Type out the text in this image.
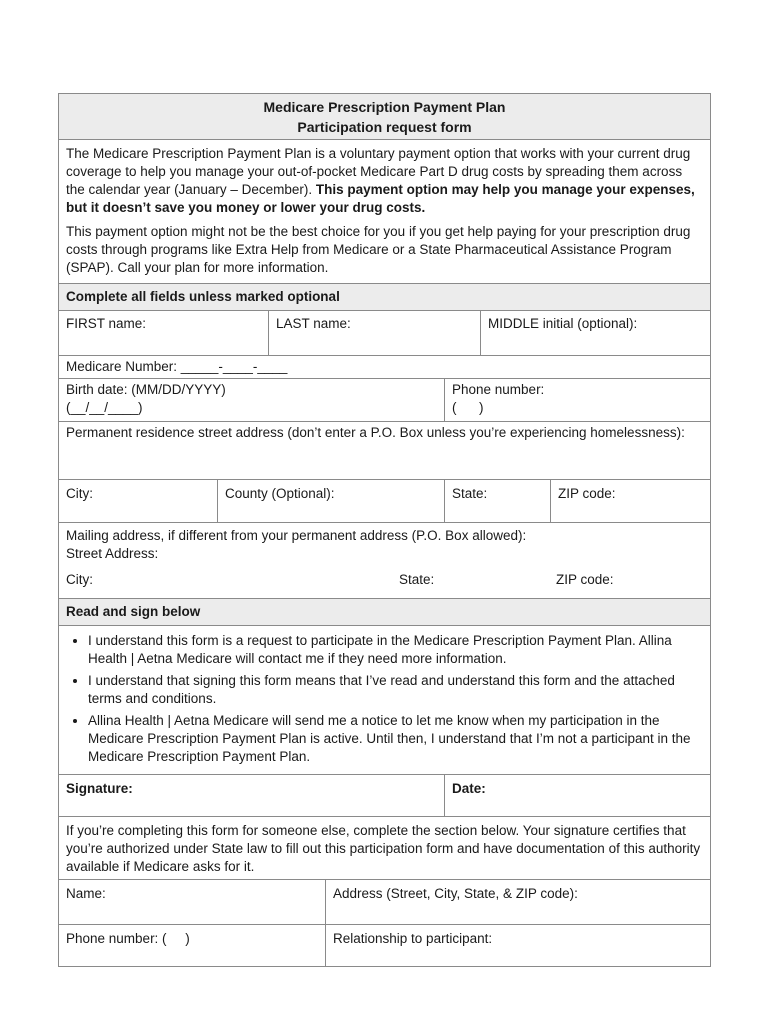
Medicare Prescription Payment Plan
Participation request form

The Medicare Prescription Payment Plan is a voluntary payment option that works with your current drug coverage to help you manage your out-of-pocket Medicare Part D drug costs by spreading them across the calendar year (January – December). This payment option may help you manage your expenses, but it doesn’t save you money or lower your drug costs.

This payment option might not be the best choice for you if you get help paying for your prescription drug costs through programs like Extra Help from Medicare or a State Pharmaceutical Assistance Program (SPAP). Call your plan for more information.

Complete all fields unless marked optional
FIRST name:	LAST name:	MIDDLE initial (optional):
Medicare Number: _____-____-____
Birth date: (MM/DD/YYYY)
(__/__/____)
Phone number:
(      )
Permanent residence street address (don’t enter a P.O. Box unless you’re experiencing homelessness):
City:	County (Optional):	State:	ZIP code:
Mailing address, if different from your permanent address (P.O. Box allowed):
Street Address:
City:	State:	ZIP code:
Read and sign below
• I understand this form is a request to participate in the Medicare Prescription Payment Plan. Allina Health | Aetna Medicare will contact me if they need more information.
• I understand that signing this form means that I’ve read and understand this form and the attached terms and conditions.
• Allina Health | Aetna Medicare will send me a notice to let me know when my participation in the Medicare Prescription Payment Plan is active. Until then, I understand that I’m not a participant in the Medicare Prescription Payment Plan.
Signature:	Date:
If you’re completing this form for someone else, complete the section below. Your signature certifies that you’re authorized under State law to fill out this participation form and have documentation of this authority available if Medicare asks for it.
Name:	Address (Street, City, State, & ZIP code):
Phone number: (     )	Relationship to participant:
